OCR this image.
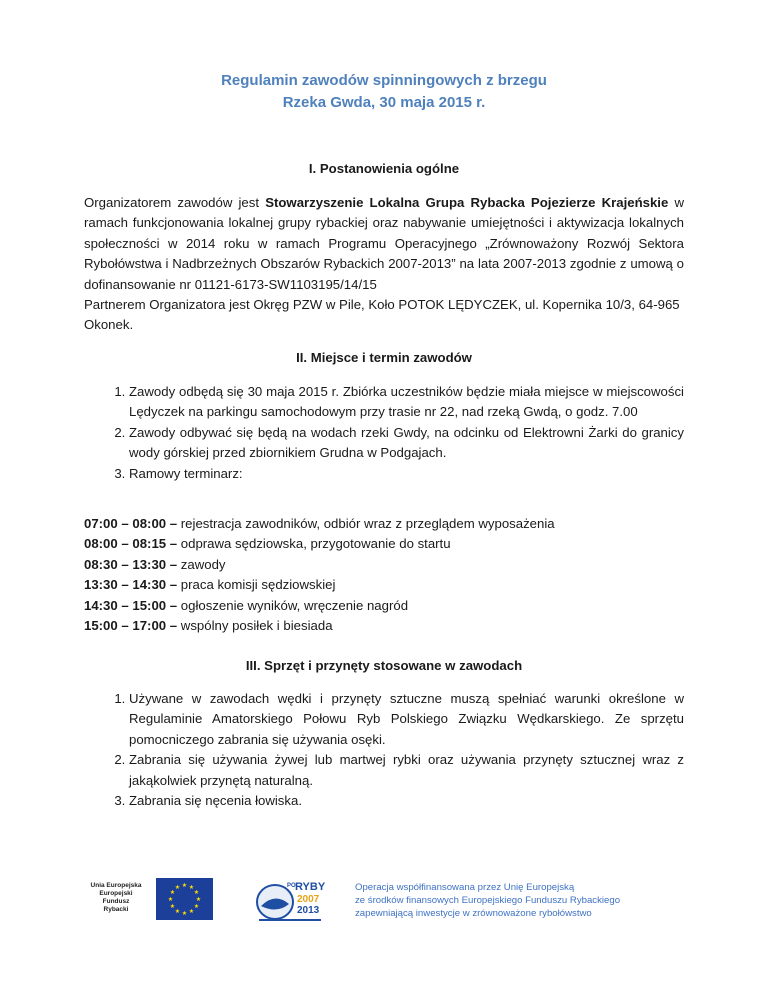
Regulamin zawodów spinningowych z brzegu
Rzeka Gwda, 30 maja 2015 r.
I. Postanowienia ogólne
Organizatorem zawodów jest Stowarzyszenie Lokalna Grupa Rybacka Pojezierze Krajeńskie w ramach funkcjonowania lokalnej grupy rybackiej oraz nabywanie umiejętności i aktywizacja lokalnych społeczności w 2014 roku w ramach Programu Operacyjnego „Zrównoważony Rozwój Sektora Rybołówstwa i Nadbrzeżnych Obszarów Rybackich 2007-2013” na lata 2007-2013 zgodnie z umową o dofinansowanie nr 01121-6173-SW1103195/14/15
Partnerem Organizatora jest Okręg PZW w Pile, Koło POTOK LĘDYCZEK, ul. Kopernika 10/3, 64-965 Okonek.
II. Miejsce i termin zawodów
1. Zawody odbędą się 30 maja 2015 r. Zbiórka uczestników będzie miała miejsce w miejscowości Lędyczek na parkingu samochodowym przy trasie nr 22, nad rzeką Gwdą, o godz. 7.00
2. Zawody odbywać się będą na wodach rzeki Gwdy, na odcinku od Elektrowni Żarki do granicy wody górskiej przed zbiornikiem Grudna w Podgajach.
3. Ramowy terminarz:
07:00 – 08:00 – rejestracja zawodników, odbiór wraz z przeglądem wyposażenia
08:00 – 08:15 – odprawa sędziowska, przygotowanie do startu
08:30 – 13:30 – zawody
13:30 – 14:30 – praca komisji sędziowskiej
14:30 – 15:00 – ogłoszenie wyników, wręczenie nagród
15:00 – 17:00 – wspólny posiłek i biesiada
III. Sprzęt i przynęty stosowane w zawodach
1. Używane w zawodach wędki i przynęty sztuczne muszą spełniać warunki określone w Regulaminie Amatorskiego Połowu Ryb Polskiego Związku Wędkarskiego. Ze sprzętu pomocniczego zabrania się używania osęki.
2. Zabrania się używania żywej lub martwej rybki oraz używania przynęty sztucznej wraz z jakąkolwiek przynętą naturalną.
3. Zabrania się nęcenia łowiska.
Unia Europejska
Europejski
Fundusz
Rybacki
★ ★
★
★
★
★
★
★
★
★
★
★	PO RYBY
2007
2013
Operacja współfinansowana przez Unię Europejską
ze środków finansowych Europejskiego Funduszu Rybackiego
zapewniającą inwestycje w zrównoważone rybołówstwo
